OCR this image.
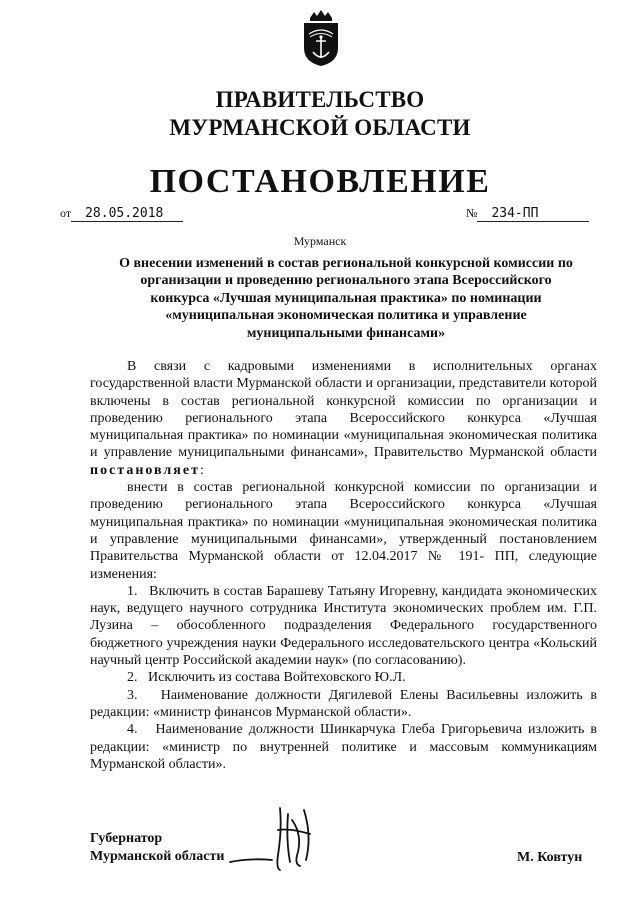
ПРАВИТЕЛЬСТВО
МУРМАНСКОЙ ОБЛАСТИ
ПОСТАНОВЛЕНИЕ
от 28.05.2018	№ 234-ПП
Мурманск
О внесении изменений в состав региональной конкурсной комиссии по
организации и проведению регионального этапа Всероссийского
конкурса «Лучшая муниципальная практика» по номинации
«муниципальная экономическая политика и управление
муниципальными финансами»

В связи с кадровыми изменениями в исполнительных органах государственной власти Мурманской области и организации, представители которой включены в состав региональной конкурсной комиссии по организации и проведению регионального этапа Всероссийского конкурса «Лучшая муниципальная практика» по номинации «муниципальная экономическая политика и управление муниципальными финансами», Правительство Мурманской области постановляет:

внести в состав региональной конкурсной комиссии по организации и проведению регионального этапа Всероссийского конкурса «Лучшая муниципальная практика» по номинации «муниципальная экономическая политика и управление муниципальными финансами», утвержденный постановлением Правительства Мурманской области от 12.04.2017 № 191- ПП, следующие изменения:

1.   Включить в состав Барашеву Татьяну Игоревну, кандидата экономических наук, ведущего научного сотрудника Института экономических проблем им. Г.П. Лузина – обособленного подразделения Федерального государственного бюджетного учреждения науки Федерального исследовательского центра «Кольский научный центр Российской академии наук» (по согласованию).

2.   Исключить из состава Войтеховского Ю.Л.

3.   Наименование должности Дягилевой Елены Васильевны изложить в редакции: «министр финансов Мурманской области».

4.   Наименование должности Шинкарчука Глеба Григорьевича изложить в редакции: «министр по внутренней политике и массовым коммуникациям Мурманской области».

Губернатор
Мурманской области	М. Ковтун
